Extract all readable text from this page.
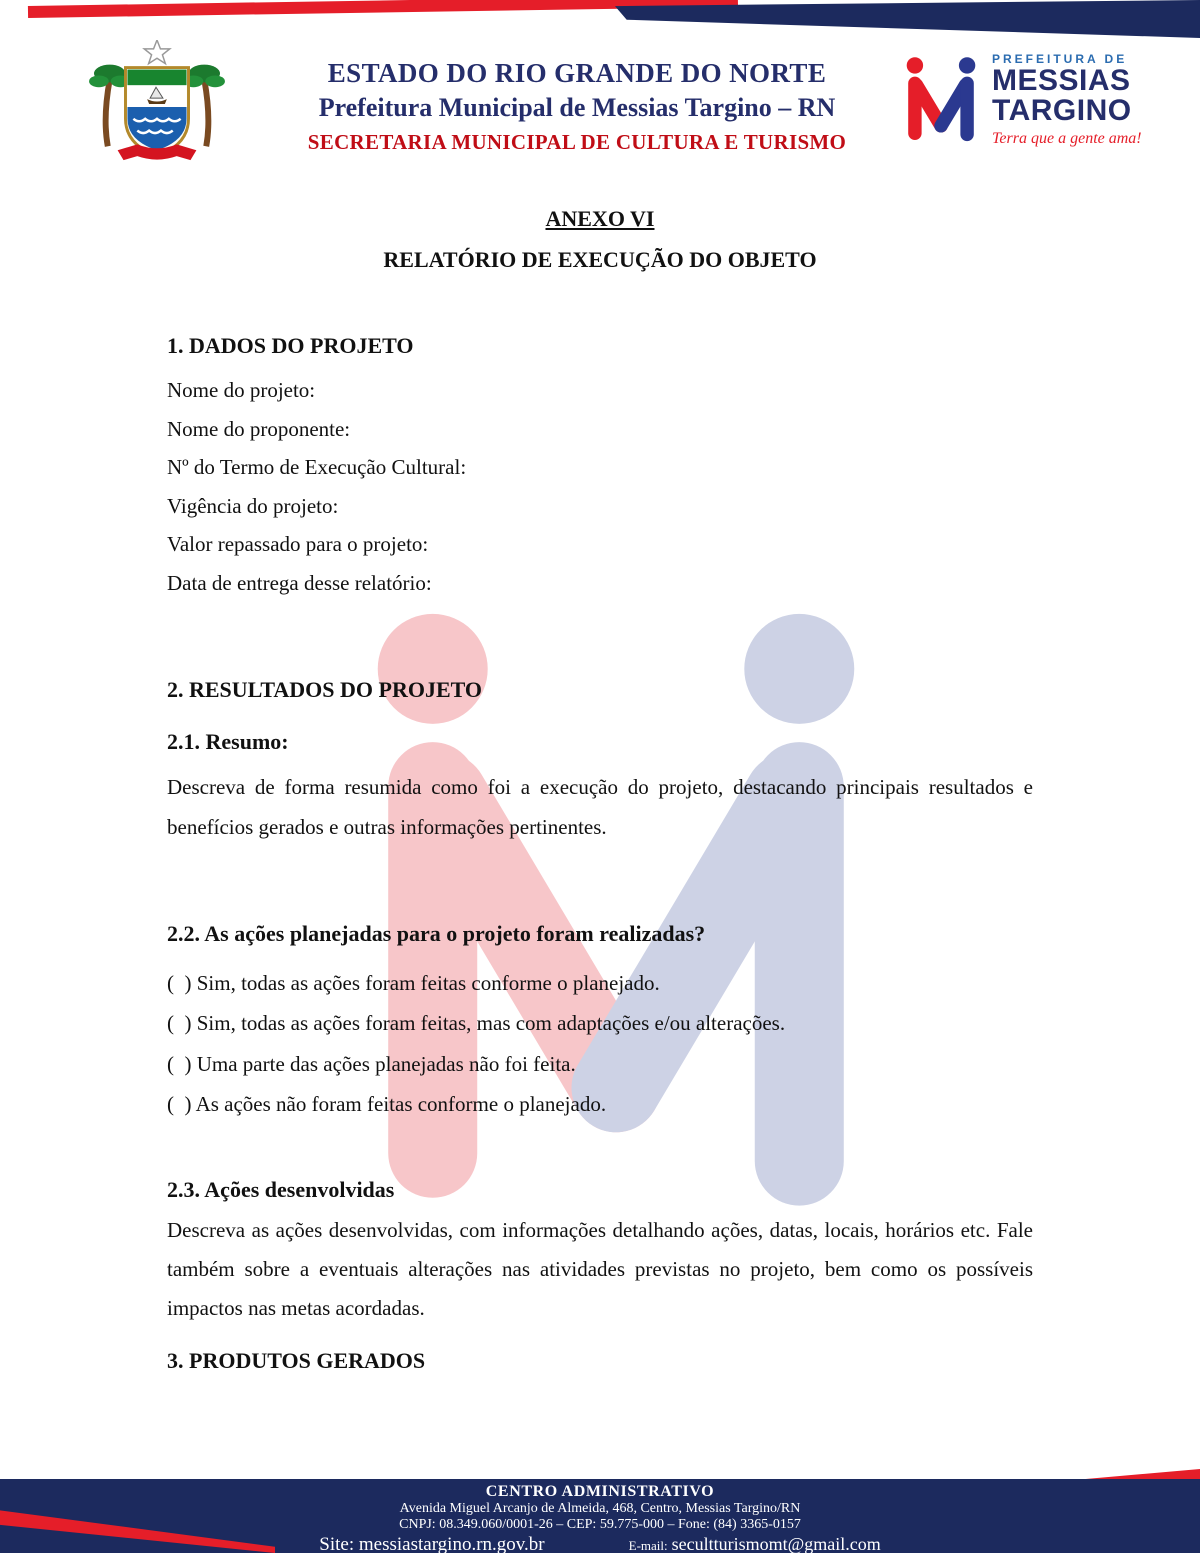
ESTADO DO RIO GRANDE DO NORTE
Prefeitura Municipal de Messias Targino – RN
SECRETARIA MUNICIPAL DE CULTURA E TURISMO
PREFEITURA DE
MESSIAS
TARGINO
Terra que a gente ama!
ANEXO VI
RELATÓRIO DE EXECUÇÃO DO OBJETO
1. DADOS DO PROJETO

Nome do projeto:

Nome do proponente:

Nº do Termo de Execução Cultural:

Vigência do projeto:

Valor repassado para o projeto:

Data de entrega desse relatório:

2. RESULTADOS DO PROJETO
2.1. Resumo:

Descreva de forma resumida como foi a execução do projeto, destacando principais resultados e benefícios gerados e outras informações pertinentes.

2.2. As ações planejadas para o projeto foram realizadas?

(  ) Sim, todas as ações foram feitas conforme o planejado.

(  ) Sim, todas as ações foram feitas, mas com adaptações e/ou alterações.

(  ) Uma parte das ações planejadas não foi feita.

(  ) As ações não foram feitas conforme o planejado.

2.3. Ações desenvolvidas

Descreva as ações desenvolvidas, com informações detalhando ações, datas, locais, horários etc. Fale também sobre a eventuais alterações nas atividades previstas no projeto, bem como os possíveis impactos nas metas acordadas.

3. PRODUTOS GERADOS
CENTRO ADMINISTRATIVO
Avenida Miguel Arcanjo de Almeida, 468, Centro, Messias Targino/RN
CNPJ: 08.349.060/0001-26 – CEP: 59.775-000 – Fone: (84) 3365-0157
Site: messiastargino.rn.gov.br	E-mail: secultturismomt@gmail.com
